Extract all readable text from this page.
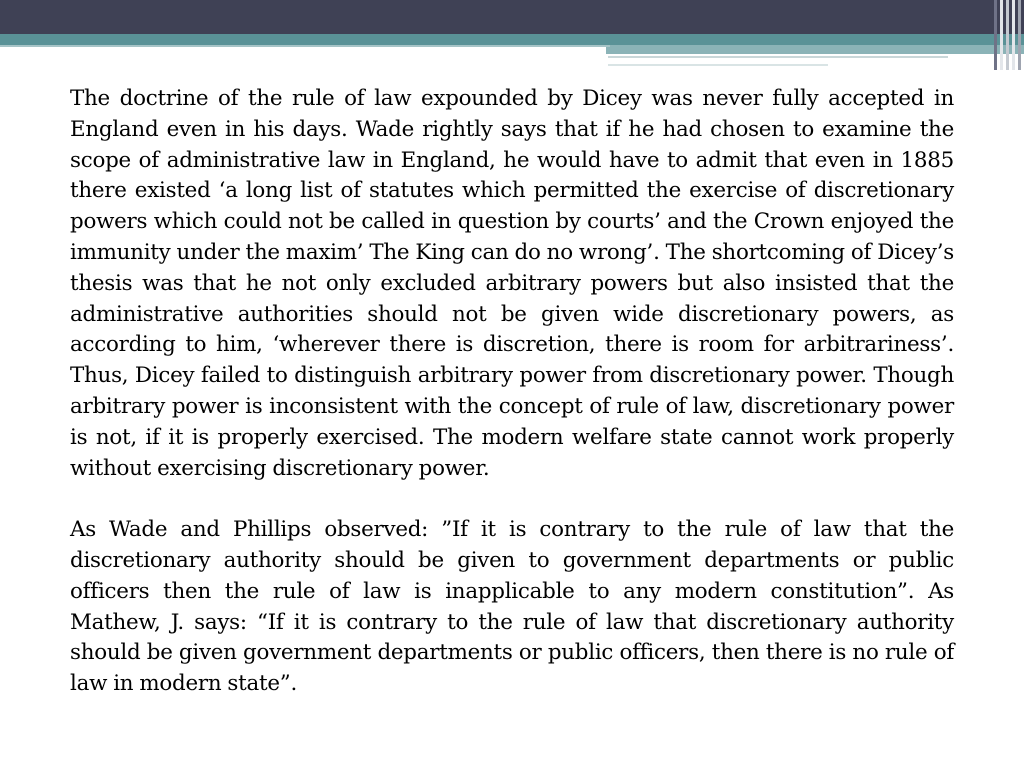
The doctrine of the rule of law expounded by Dicey was never fully accepted in England even in his days. Wade rightly says that if he had chosen to examine the scope of administrative law in England, he would have to admit that even in 1885 there existed ‘a long list of statutes which permitted the exercise of discretionary powers which could not be called in question by courts’ and the Crown enjoyed the immunity under the maxim’ The King can do no wrong’. The shortcoming of Dicey’s thesis was that he not only excluded arbitrary powers but also insisted that the administrative authorities should not be given wide discretionary powers, as according to him, ‘wherever there is discretion, there is room for arbitrariness’. Thus, Dicey failed to distinguish arbitrary power from discretionary power. Though arbitrary power is inconsistent with the concept of rule of law, discretionary power is not, if it is properly exercised. The modern welfare state cannot work properly without exercising discretionary power.

As Wade and Phillips observed: ”If it is contrary to the rule of law that the discretionary authority should be given to government departments or public officers then the rule of law is inapplicable to any modern constitution”. As Mathew, J. says: “If it is contrary to the rule of law that discretionary authority should be given government departments or public officers, then there is no rule of law in modern state”.
